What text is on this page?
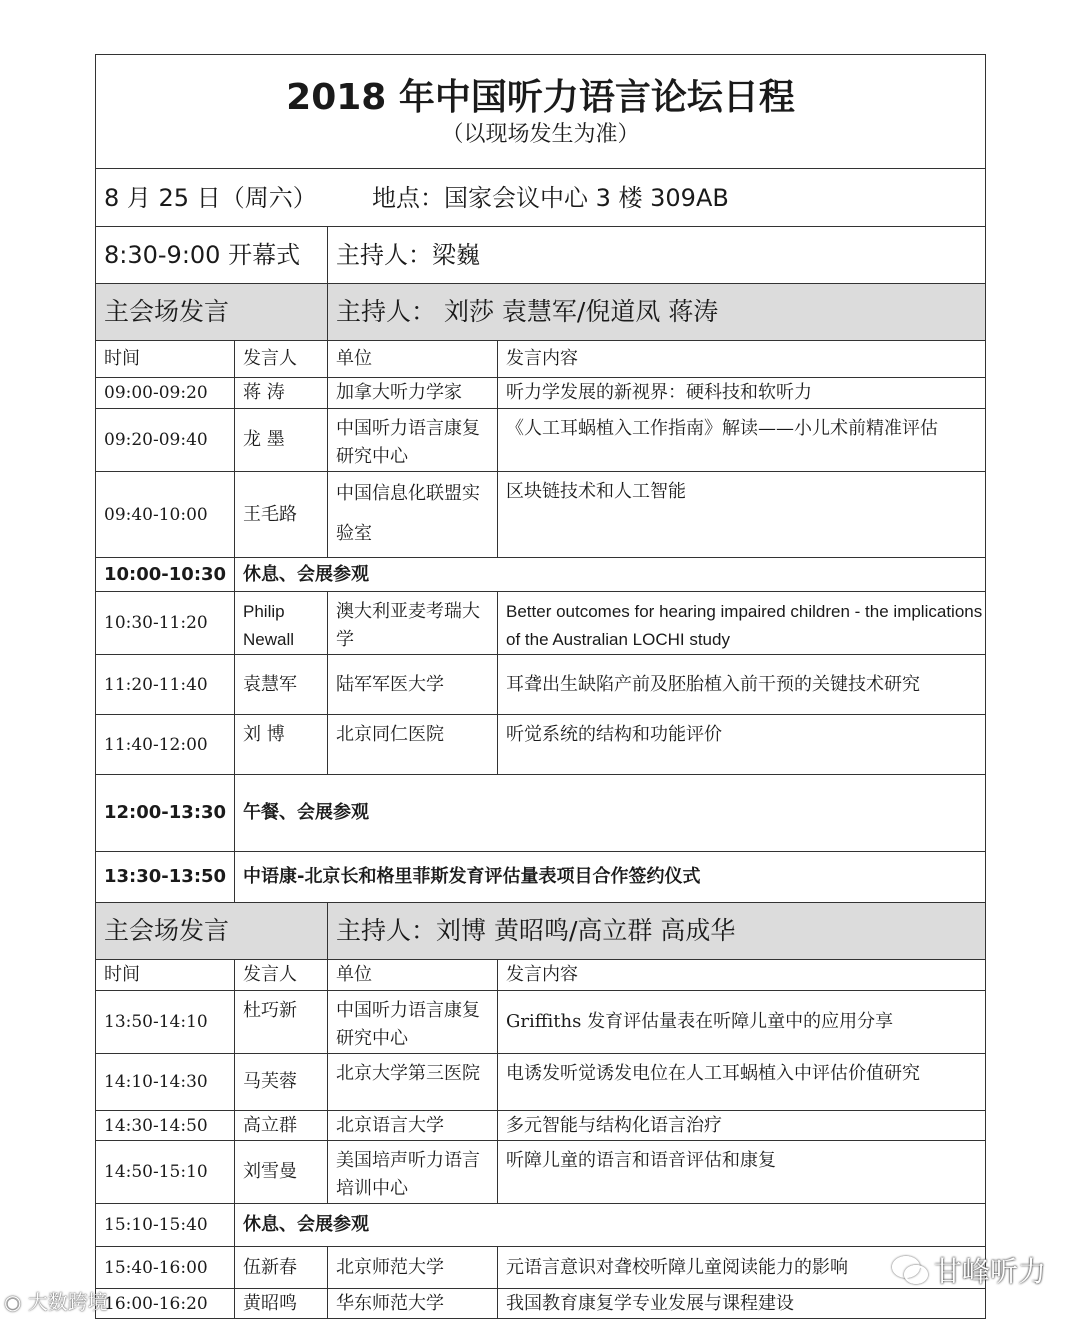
2018 年中国听力语言论坛日程
（以现场发生为准）			

8 月 25 日（周六） 地点：国家会议中心 3 楼 309AB			
8:30-9:00 开幕式		主持人：梁巍	
主会场发言		主持人： 刘莎 袁慧军/倪道凤 蒋涛	
时间	发言人	单位	发言内容
09:00-09:20	蒋 涛	加拿大听力学家	听力学发展的新视界：硬科技和软听力
09:20-09:40	龙 墨	中国听力语言康复研究中心	《人工耳蜗植入工作指南》解读——小儿术前精准评估
09:40-10:00	王毛路	中国信息化联盟实验室	区块链技术和人工智能
10:00-10:30	休息、会展参观		
10:30-11:20	Philip Newall	澳大利亚麦考瑞大学	Better outcomes for hearing impaired children - the implications of the Australian LOCHI study
11:20-11:40	袁慧军	陆军军医大学	耳聋出生缺陷产前及胚胎植入前干预的关键技术研究
11:40-12:00	刘 博	北京同仁医院	听觉系统的结构和功能评价
12:00-13:30	午餐、会展参观		
13:30-13:50	中语康-北京长和格里菲斯发育评估量表项目合作签约仪式		
主会场发言		主持人：刘博 黄昭鸣/高立群 高成华	
时间	发言人	单位	发言内容
13:50-14:10	杜巧新	中国听力语言康复研究中心	Griffiths 发育评估量表在听障儿童中的应用分享
14:10-14:30	马芙蓉	北京大学第三医院	电诱发听觉诱发电位在人工耳蜗植入中评估价值研究
14:30-14:50	高立群	北京语言大学	多元智能与结构化语言治疗
14:50-15:10	刘雪曼	美国培声听力语言培训中心	听障儿童的语言和语音评估和康复
15:10-15:40	休息、会展参观		
15:40-16:00	伍新春	北京师范大学	元语言意识对聋校听障儿童阅读能力的影响
16:00-16:20	黄昭鸣	华东师范大学	我国教育康复学专业发展与课程建设
◉ 大数跨境
甘峰听力
